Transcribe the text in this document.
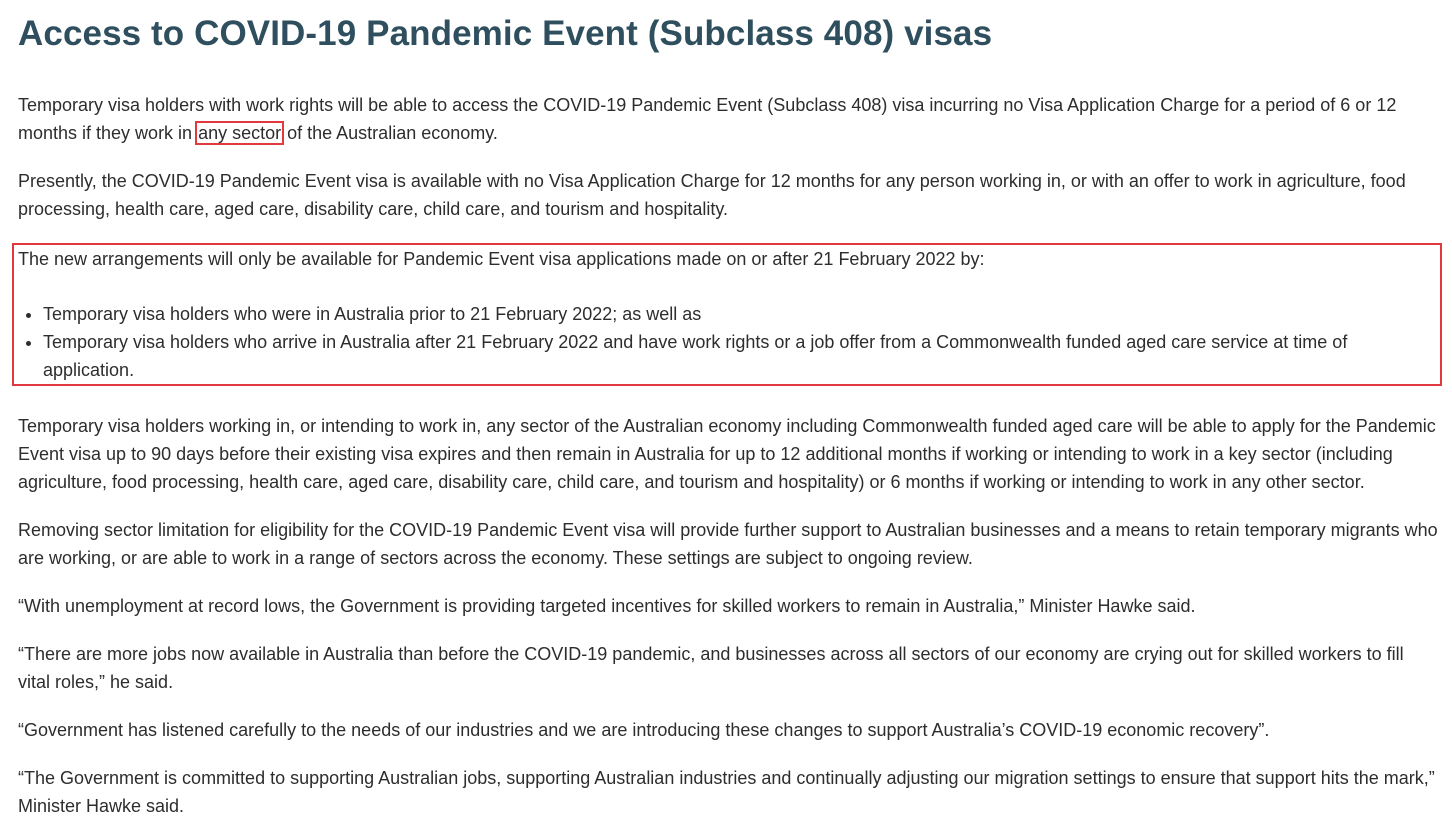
Access to COVID-19 Pandemic Event (Subclass 408) visas

Temporary visa holders with work rights will be able to access the COVID-19 Pandemic Event (Subclass 408) visa incurring no Visa Application Charge for a period of 6 or 12 months if they work in any sector of the Australian economy.

Presently, the COVID-19 Pandemic Event visa is available with no Visa Application Charge for 12 months for any person working in, or with an offer to work in agriculture, food processing, health care, aged care, disability care, child care, and tourism and hospitality.

The new arrangements will only be available for Pandemic Event visa applications made on or after 21 February 2022 by:

• Temporary visa holders who were in Australia prior to 21 February 2022; as well as
• Temporary visa holders who arrive in Australia after 21 February 2022 and have work rights or a job offer from a Commonwealth funded aged care service at time of application.

Temporary visa holders working in, or intending to work in, any sector of the Australian economy including Commonwealth funded aged care will be able to apply for the Pandemic Event visa up to 90 days before their existing visa expires and then remain in Australia for up to 12 additional months if working or intending to work in a key sector (including agriculture, food processing, health care, aged care, disability care, child care, and tourism and hospitality) or 6 months if working or intending to work in any other sector.

Removing sector limitation for eligibility for the COVID-19 Pandemic Event visa will provide further support to Australian businesses and a means to retain temporary migrants who are working, or are able to work in a range of sectors across the economy. These settings are subject to ongoing review.

“With unemployment at record lows, the Government is providing targeted incentives for skilled workers to remain in Australia,” Minister Hawke said.

“There are more jobs now available in Australia than before the COVID-19 pandemic, and businesses across all sectors of our economy are crying out for skilled workers to fill vital roles,” he said.

“Government has listened carefully to the needs of our industries and we are introducing these changes to support Australia’s COVID-19 economic recovery”.

“The Government is committed to supporting Australian jobs, supporting Australian industries and continually adjusting our migration settings to ensure that support hits the mark,” Minister Hawke said.
